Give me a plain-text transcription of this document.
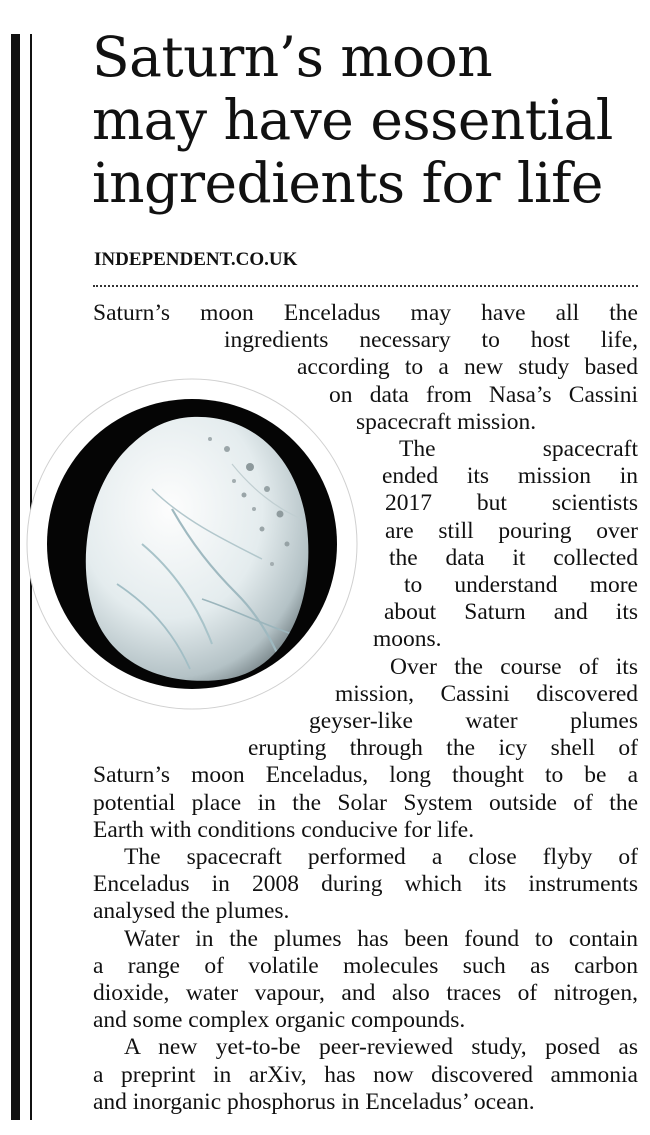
Saturn’s moon
may have essential
ingredients for life
INDEPENDENT.CO.UK
Saturn’s moon Enceladus may have all the
ingredients necessary to host life,
according to a new study based
on data from Nasa’s Cassini
spacecraft mission.
The spacecraft
ended its mission in
2017 but scientists
are still pouring over
the data it collected
to understand more
about Saturn and its
moons.
Over the course of its
mission, Cassini discovered
geyser-like water plumes
erupting through the icy shell of
Saturn’s moon Enceladus, long thought to be a
potential place in the Solar System outside of the
Earth with conditions conducive for life.
The spacecraft performed a close flyby of
Enceladus in 2008 during which its instruments
analysed the plumes.
Water in the plumes has been found to contain
a range of volatile molecules such as carbon
dioxide, water vapour, and also traces of nitrogen,
and some complex organic compounds.
A new yet-to-be peer-reviewed study, posed as
a preprint in arXiv, has now discovered ammonia
and inorganic phosphorus in Enceladus’ ocean.
